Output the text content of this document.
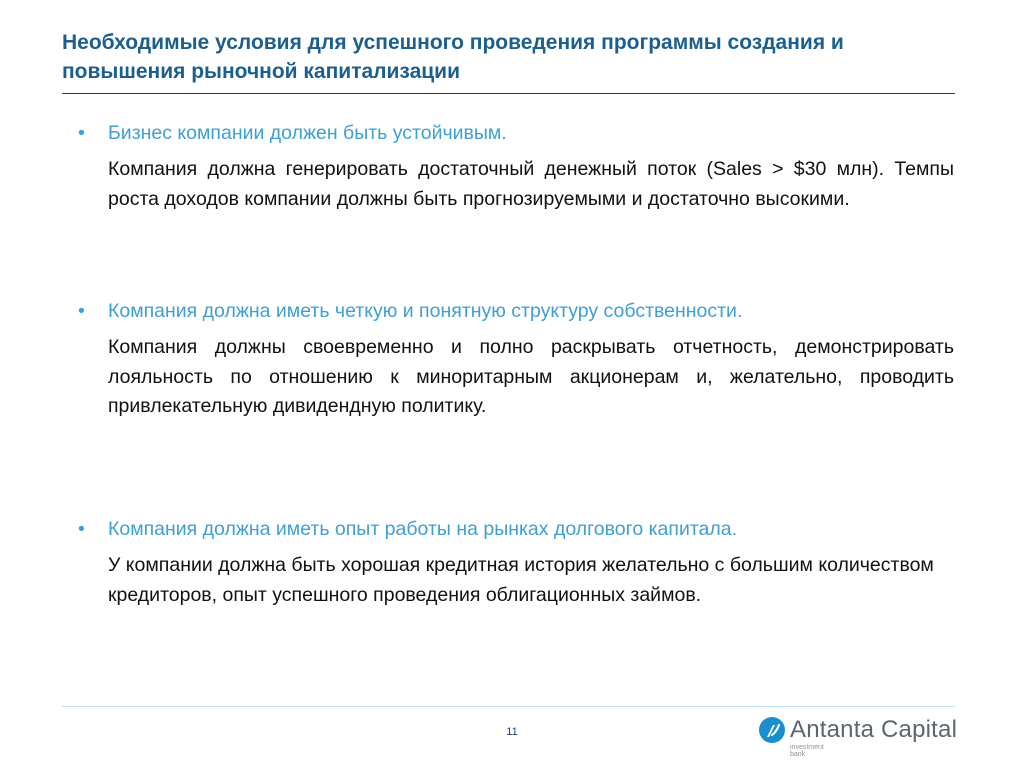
Необходимые условия для успешного проведения программы создания и повышения рыночной капитализации
• Бизнес компании должен быть устойчивым.
Компания должна генерировать достаточный денежный поток (Sales > $30 млн). Темпы роста доходов компании должны быть прогнозируемыми и достаточно высокими.
• Компания должна иметь четкую и понятную структуру собственности.
Компания должны своевременно и полно раскрывать отчетность, демонстрировать лояльность по отношению к миноритарным акционерам и, желательно, проводить привлекательную дивидендную политику.
• Компания должна иметь опыт работы на рынках долгового капитала.
У компании должна быть хорошая кредитная история желательно с большим количеством кредиторов, опыт успешного проведения облигационных займов.
11	Antanta Capital
investment
bank
